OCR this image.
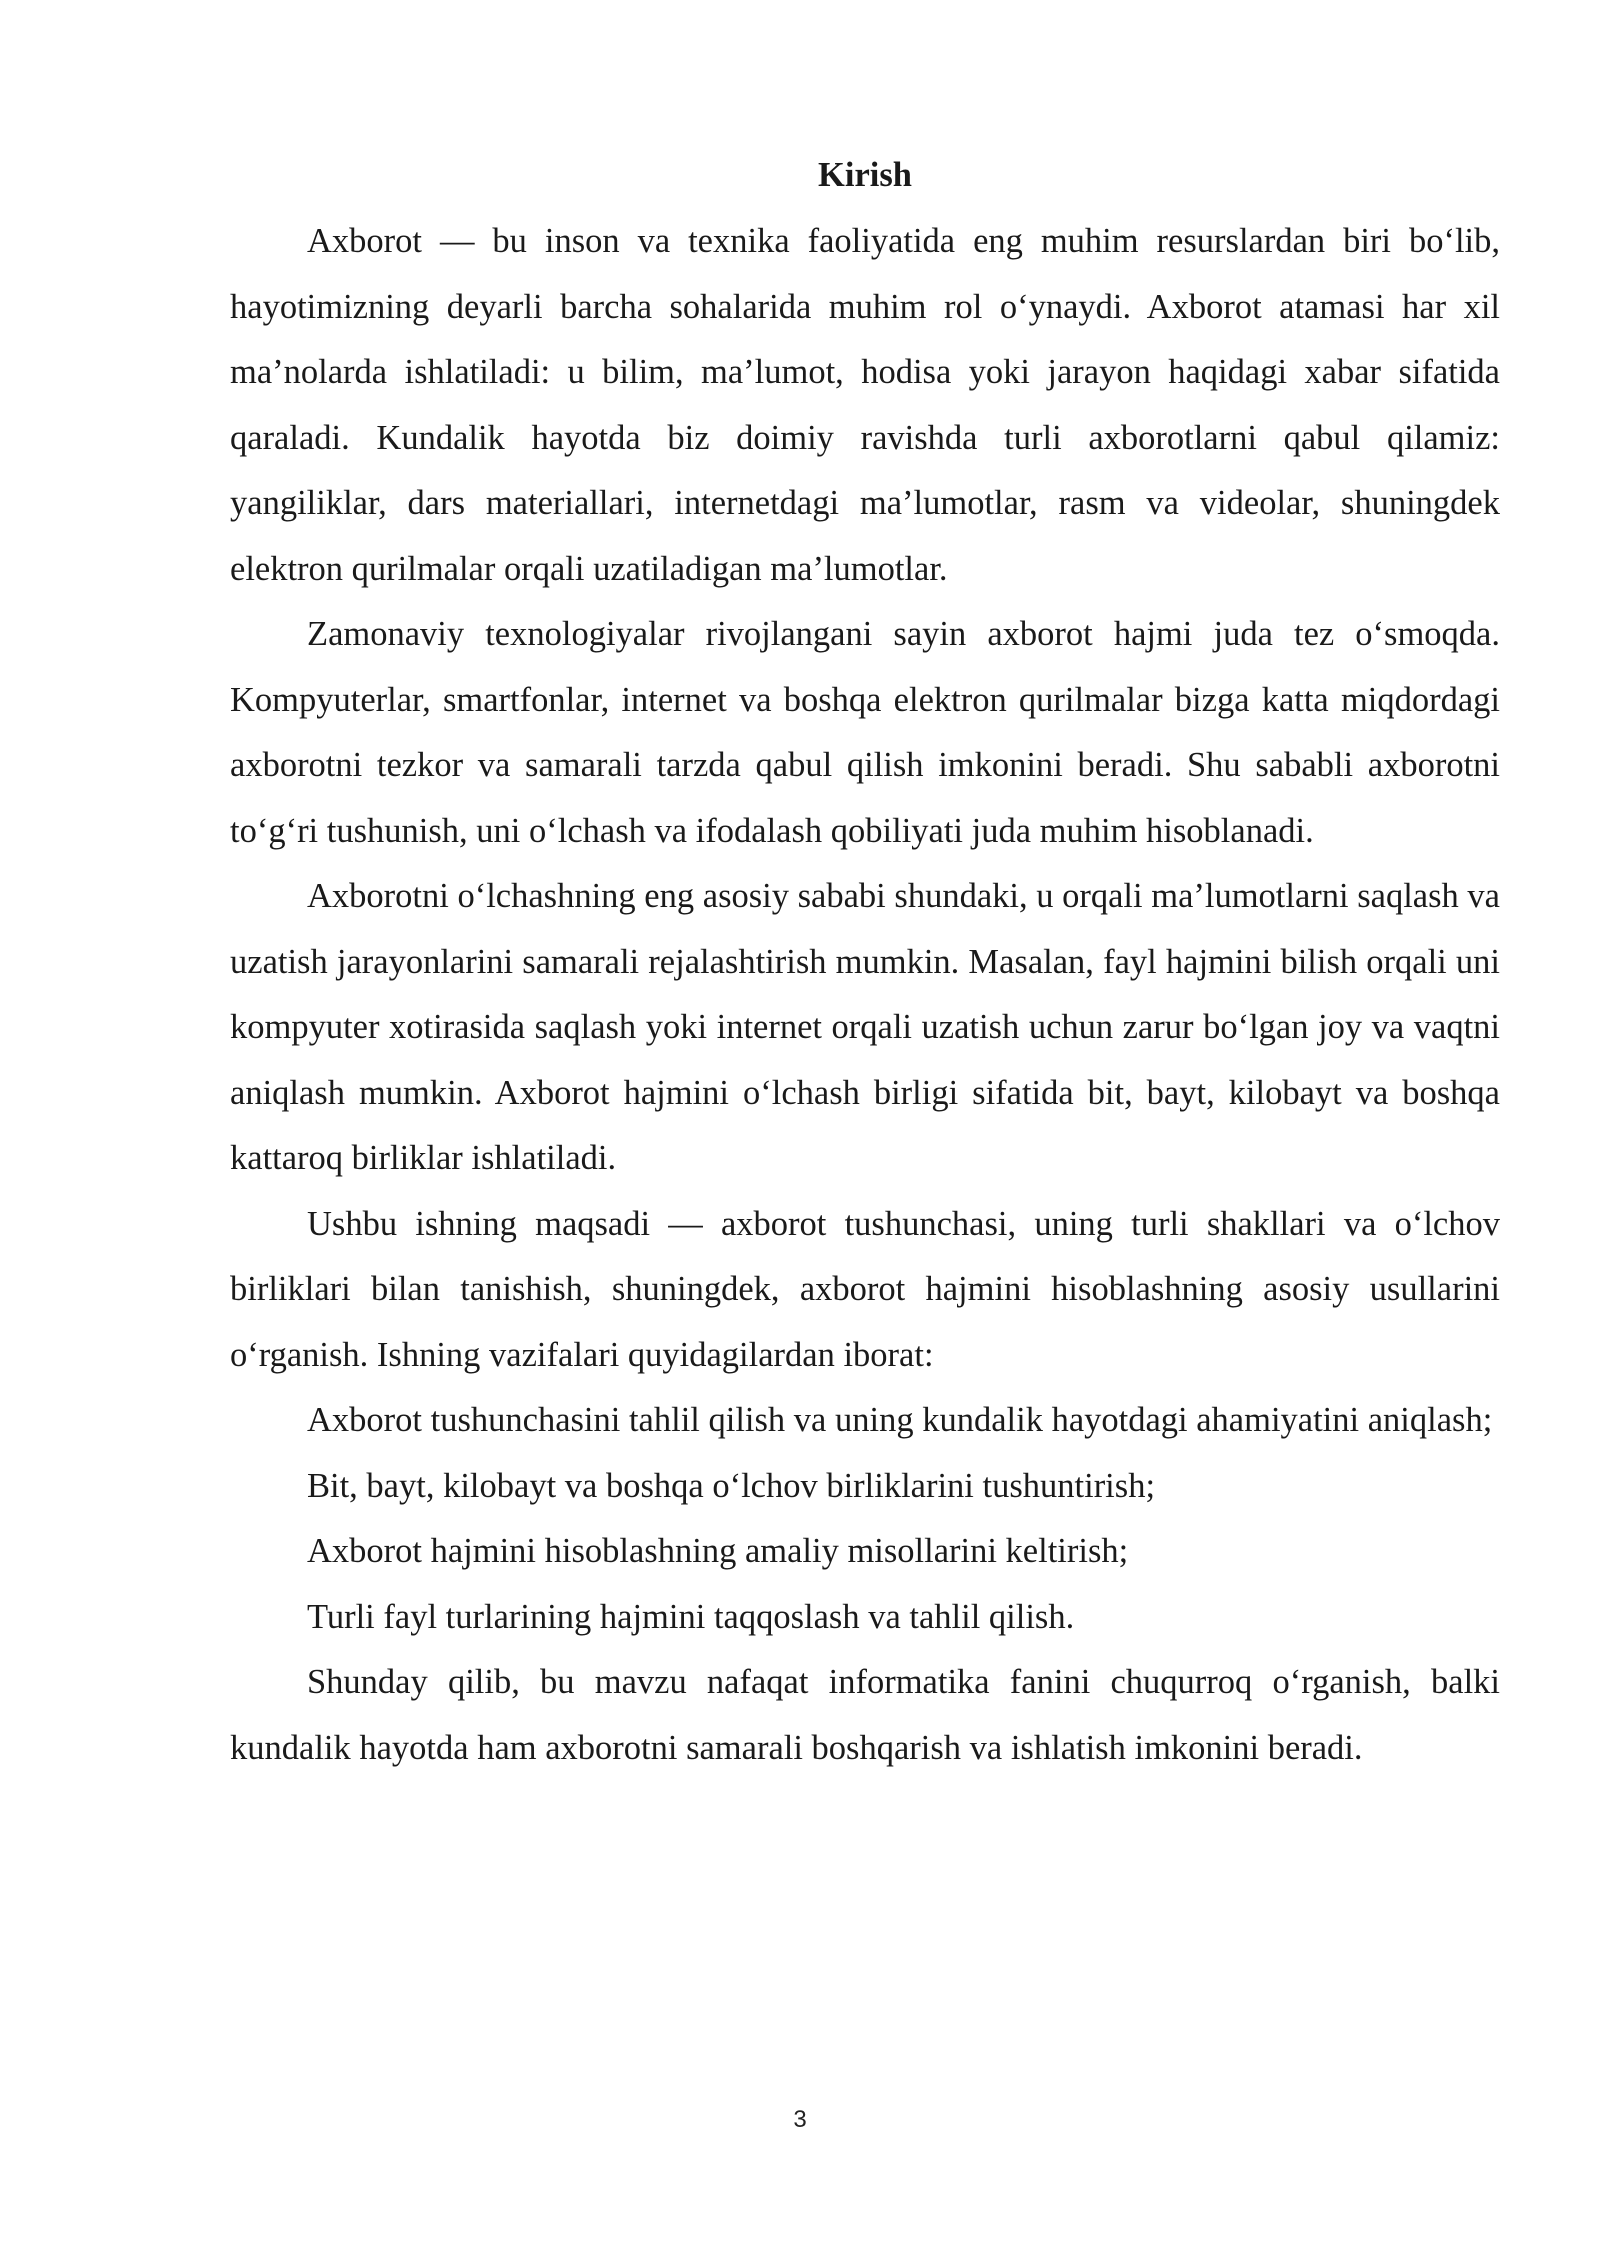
Kirish

Axborot — bu inson va texnika faoliyatida eng muhim resurslardan biri bo‘lib, hayotimizning deyarli barcha sohalarida muhim rol o‘ynaydi. Axborot atamasi har xil ma’nolarda ishlatiladi: u bilim, ma’lumot, hodisa yoki jarayon haqidagi xabar sifatida qaraladi. Kundalik hayotda biz doimiy ravishda turli axborotlarni qabul qilamiz: yangiliklar, dars materiallari, internetdagi ma’lumotlar, rasm va videolar, shuningdek elektron qurilmalar orqali uzatiladigan ma’lumotlar.

Zamonaviy texnologiyalar rivojlangani sayin axborot hajmi juda tez o‘smoqda. Kompyuterlar, smartfonlar, internet va boshqa elektron qurilmalar bizga katta miqdordagi axborotni tezkor va samarali tarzda qabul qilish imkonini beradi. Shu sababli axborotni to‘g‘ri tushunish, uni o‘lchash va ifodalash qobiliyati juda muhim hisoblanadi.

Axborotni o‘lchashning eng asosiy sababi shundaki, u orqali ma’lumotlarni saqlash va uzatish jarayonlarini samarali rejalashtirish mumkin. Masalan, fayl hajmini bilish orqali uni kompyuter xotirasida saqlash yoki internet orqali uzatish uchun zarur bo‘lgan joy va vaqtni aniqlash mumkin. Axborot hajmini o‘lchash birligi sifatida bit, bayt, kilobayt va boshqa kattaroq birliklar ishlatiladi.

Ushbu ishning maqsadi — axborot tushunchasi, uning turli shakllari va o‘lchov birliklari bilan tanishish, shuningdek, axborot hajmini hisoblashning asosiy usullarini o‘rganish. Ishning vazifalari quyidagilardan iborat:

Axborot tushunchasini tahlil qilish va uning kundalik hayotdagi ahamiyatini aniqlash;

Bit, bayt, kilobayt va boshqa o‘lchov birliklarini tushuntirish;

Axborot hajmini hisoblashning amaliy misollarini keltirish;

Turli fayl turlarining hajmini taqqoslash va tahlil qilish.

Shunday qilib, bu mavzu nafaqat informatika fanini chuqurroq o‘rganish, balki kundalik hayotda ham axborotni samarali boshqarish va ishlatish imkonini beradi.

3
